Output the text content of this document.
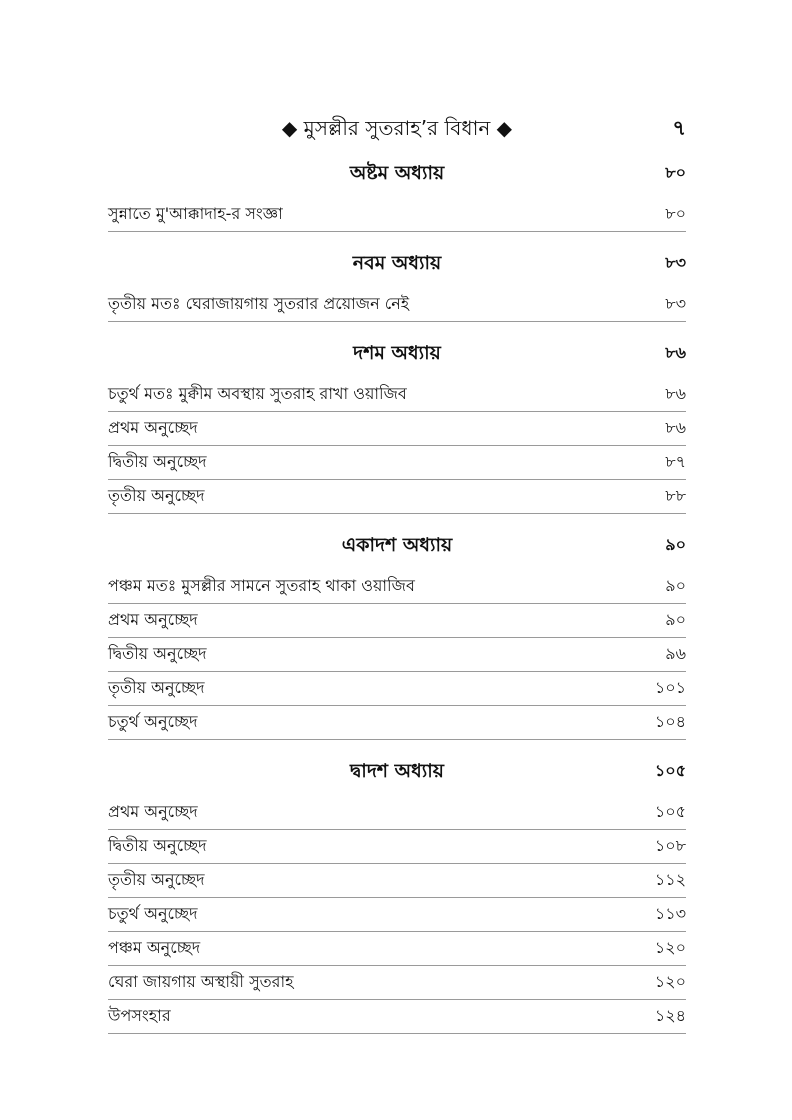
◆ মুসল্লীর সুতরাহ’র বিধান ◆	৭
অষ্টম অধ্যায়	৮০
সুন্নাতে মু'আক্কাদাহ-র সংজ্ঞা	৮০
নবম অধ্যায়	৮৩
তৃতীয় মতঃ ঘেরাজায়গায় সুতরার প্রয়োজন নেই	৮৩
দশম অধ্যায়	৮৬
চতুর্থ মতঃ মুক্বীম অবস্থায় সুতরাহ রাখা ওয়াজিব	৮৬
প্রথম অনুচ্ছেদ	৮৬
দ্বিতীয় অনুচ্ছেদ	৮৭
তৃতীয় অনুচ্ছেদ	৮৮
একাদশ অধ্যায়	৯০
পঞ্চম মতঃ মুসল্লীর সামনে সুতরাহ থাকা ওয়াজিব	৯০
প্রথম অনুচ্ছেদ	৯০
দ্বিতীয় অনুচ্ছেদ	৯৬
তৃতীয় অনুচ্ছেদ	১০১
চতুর্থ অনুচ্ছেদ	১০৪
দ্বাদশ অধ্যায়	১০৫
প্রথম অনুচ্ছেদ	১০৫
দ্বিতীয় অনুচ্ছেদ	১০৮
তৃতীয় অনুচ্ছেদ	১১২
চতুর্থ অনুচ্ছেদ	১১৩
পঞ্চম অনুচ্ছেদ	১২০
ঘেরা জায়গায় অস্থায়ী সুতরাহ	১২০
উপসংহার	১২৪
